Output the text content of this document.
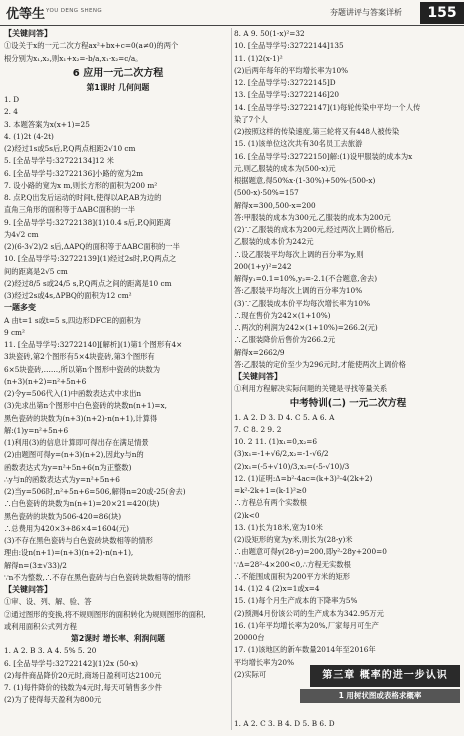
优等生 YOU DENG SHENG	夯题讲评与答案详析	155
【关键问答】
①设关于x的一元二次方程ax²+bx+c=0(a≠0)的两个
根分别为x₁,x₂,则x₁+x₂=-b/a,x₁·x₂=c/a。
6 应用一元二次方程
第1课时 几何问题
1. D
2. 4
3. 本题答案为x(x+1)=25
4. (1)2t (4-2t)
(2)经过1s或5s后,P,Q两点相距2√10 cm
5. [全品导学号:32722134]12 米
6. [全品导学号:32722136]小路的宽为2m
7. 设小路的宽为x m,则长方形的面积为200 m²
8. 点P,Q出发后运动的时间t,使得以AP,AB为边的
直角三角形的面积等于ΔABC面积的一半
9. [全品导学号:32722138](1)10.4 s后,P,Q间距离
为4√2 cm
(2)(6-3√2)/2 s后,ΔAPQ的面积等于ΔABC面积的一半
10. [全品导学号:32722139](1)经过2s时,P,Q两点之
间的距离是2√5 cm
(2)经过8/5 s或24/5 s,P,Q两点之间的距离是10 cm
(3)经过2s或4s,ΔPBQ的面积为12 cm²
一题多变
A 由t=1 s或t=5 s,四边形DFCE的面积为
9 cm²
11. [全品导学号:32722140][解析](1)第1个图形有4×
3块瓷砖,第2个图形有5×4块瓷砖,第3个图形有
6×5块瓷砖,……,所以第n个图形中瓷砖的块数为
(n+3)(n+2)=n²+5n+6
(2)令y=506代入(1)中函数表达式中求出n
(3)先求出第n个图形中白色瓷砖的块数n(n+1)=x,
黑色瓷砖的块数为(n+3)(n+2)-n(n+1),计算得
解:(1)y=n²+5n+6
(1)利用(3)的信息计算即可得出存在满足情景
(2)由题图可得y=(n+3)(n+2),因此y与n的
函数表达式为y=n²+5n+6(n为正整数)
∴y与n的函数表达式为y=n²+5n+6
(2)当y=506时,n²+5n+6=506,解得n=20或-25(舍去)
∴白色瓷砖的块数为n(n+1)=20×21=420(块)
黑色瓷砖的块数为506-420=86(块)
∴总费用为420×3+86×4=1604(元)
(3)不存在黑色瓷砖与白色瓷砖块数相等的情形
理由:设n(n+1)=(n+3)(n+2)-n(n+1),
解得n=(3±√33)/2
∵n不为整数,∴不存在黑色瓷砖与白色瓷砖块数相等的情形
【关键问答】
①审、设、列、解、验、答
②通过图形的变换,将不规则图形的面积转化为规则图形的面积,
或利用面积公式列方程
第2课时 增长率、利润问题
1. A 2. B 3. A 4. 5% 5. 20
6. [全品导学号:32722142](1)2x (50-x)
(2)每件商品降价20元时,商场日盈利可达2100元
7. (1)每件降价的钱数为4元时,每天可销售多少件
(2)为了使得每天盈利为800元
8. A 9. 50(1-x)²=32
10. [全品导学号:32722144]135
11. (1)2(x-1)²
(2)后两年每年的平均增长率为10%
12. [全品导学号:32722145]D
13. [全品导学号:32722146]20
14. [全品导学号:32722147](1)每轮传染中平均一个人传
染了7个人
(2)按照这样的传染速度,第三轮将又有448人被传染
15. (1)该单位这次共有30名员工去旅游
16. [全品导学号:32722150]解:(1)设甲服装的成本为x
元,则乙服装的成本为(500-x)元
根据题意,得50%x·(1-30%)+50%·(500-x)
(500-x)·50%=157
解得x=300,500-x=200
答:甲服装的成本为300元,乙服装的成本为200元
(2)∵乙服装的成本为200元,经过两次上调价格后,
乙服装的成本价为242元
∴设乙服装平均每次上调的百分率为y,则
200(1+y)²=242
解得y₁=0.1=10%,y₂=-2.1(不合题意,舍去)
答:乙服装平均每次上调的百分率为10%
(3)∵乙服装成本价平均每次增长率为10%
∴现在售价为242×(1+10%)
∴两次的利润为242×(1+10%)=266.2(元)
∴乙服装降价后售价为266.2元
解得x=2662/9
答:乙服装的定价至少为296元时,才能使两次上调价格
【关键问答】
①利用方程解决实际问题的关键是寻找等量关系
中考特训(二) 一元二次方程
1. A 2. D 3. D 4. C 5. A 6. A
7. C 8. 2 9. 2
10. 2 11. (1)x₁=0,x₂=6
(3)x₁=-1+√6/2,x₂=-1-√6/2
(2)x₁=(-5+√10)/3,x₂=(-5-√10)/3
12. (1)证明:Δ=b²-4ac=(k+3)²-4(2k+2)
=k²-2k+1=(k-1)²≥0
∴方程总有两个实数根
(2)k<0
13. (1)长为18米,宽为10米
(2)设矩形的宽为y米,则长为(28-y)米
∴由题意可得y(28-y)=200,即y²-28y+200=0
∵Δ=28²-4×200<0,∴方程无实数根
∴不能围成面积为200平方米的矩形
14. (1)2 4 (2)x=1或x=4
15. (1)每个月生产成本的下降率为5%
(2)预测4月份该公司的生产成本为342.95万元
16. (1)年平均增长率为20%,厂家每月可生产
20000台
17. (1)该地区的新车数量2014年至2016年
平均增长率为20%
(2)实际可
1. A 2. C 3. B 4. D 5. B 6. D
第三章 概率的进一步认识
1 用树状图或表格求概率
